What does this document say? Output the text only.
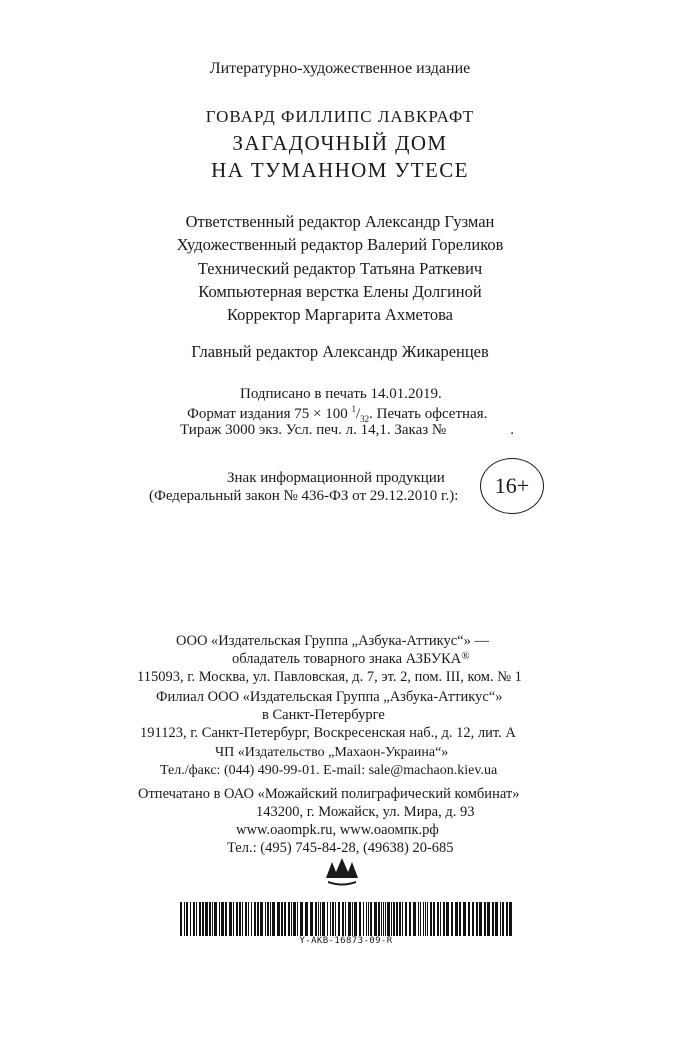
Литературно-художественное издание
ГОВАРД ФИЛЛИПС ЛАВКРАФТ
ЗАГАДОЧНЫЙ ДОМ
НА ТУМАННОМ УТЕСЕ
Ответственный редактор Александр Гузман
Художественный редактор Валерий Гореликов
Технический редактор Татьяна Раткевич
Компьютерная верстка Елены Долгиной
Корректор Маргарита Ахметова
Главный редактор Александр Жикаренцев
Подписано в печать 14.01.2019.
Формат издания 75 × 100 $^1/_{32}$. Печать офсетная.
Тираж 3000 экз. Усл. печ. л. 14,1. Заказ №	.
Знак информационной продукции
(Федеральный закон № 436-ФЗ от 29.12.2010 г.):	16+
ООО «Издательская Группа „Азбука-Аттикус“» —
обладатель товарного знака АЗБУКА®
115093, г. Москва, ул. Павловская, д. 7, эт. 2, пом. III, ком. № 1
Филиал ООО «Издательская Группа „Азбука-Аттикус“»
в Санкт-Петербурге
191123, г. Санкт-Петербург, Воскресенская наб., д. 12, лит. А
ЧП «Издательство „Махаон-Украина“»
Тел./факс: (044) 490-99-01. E-mail: sale@machaon.kiev.ua
Отпечатано в ОАО «Можайский полиграфический комбинат»
143200, г. Можайск, ул. Мира, д. 93
www.oaompk.ru, www.оаомпк.рф
Тел.: (495) 745-84-28, (49638) 20-685
Y-AKB-16873-09-R
